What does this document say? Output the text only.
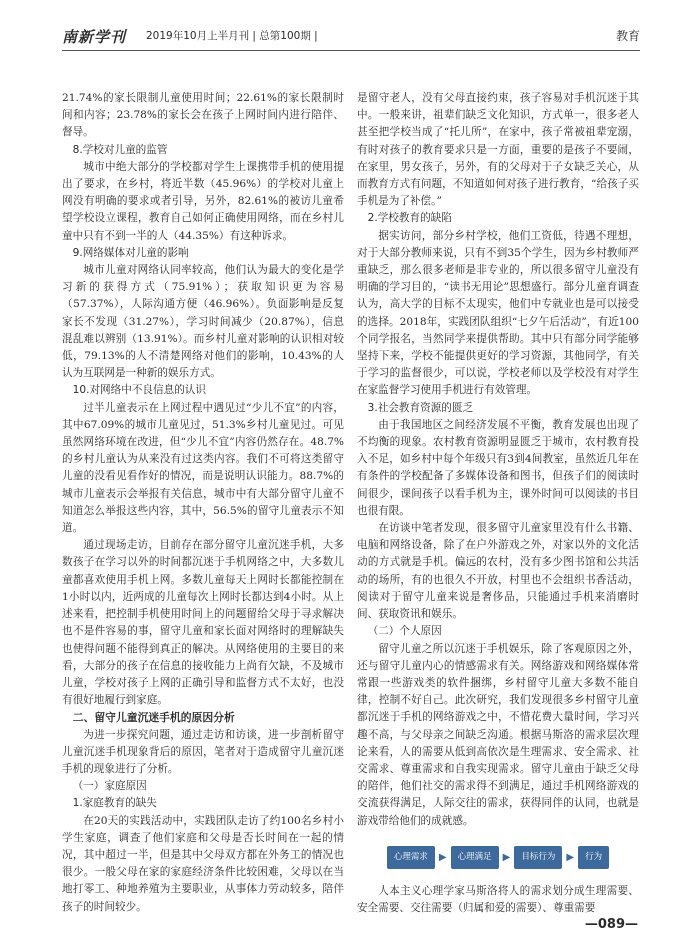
南新学刊 2019年10月上半月刊 | 总第100期 |	教育

21.74%的家长限制儿童使用时间；22.61%的家长限制时间和内容；23.78%的家长会在孩子上网时间内进行陪伴、督导。

8.学校对儿童的监管

城市中绝大部分的学校都对学生上课携带手机的使用提出了要求，在乡村，将近半数（45.96%）的学校对儿童上网没有明确的要求或者引导，另外，82.61%的被访儿童希望学校设立课程，教育自己如何正确使用网络，而在乡村儿童中只有不到一半的人（44.35%）有这种诉求。

9.网络媒体对儿童的影响

城市儿童对网络认同率较高，他们认为最大的变化是学习新的获得方式（75.91%）；获取知识更为容易（57.37%），人际沟通方便（46.96%）。负面影响是反复家长不发现（31.27%），学习时间减少（20.87%），信息混乱难以辨别（13.91%）。而乡村儿童对影响的认识相对较低，79.13%的人不清楚网络对他们的影响，10.43%的人认为互联网是一种新的娱乐方式。

10.对网络中不良信息的认识

过半儿童表示在上网过程中遇见过“少儿不宜”的内容，其中67.09%的城市儿童见过，51.3%乡村儿童见过。可见虽然网络环境在改进，但“少儿不宜”内容仍然存在。48.7%的乡村儿童认为从来没有过这类内容。我们不可将这类留守儿童的没看见看作好的情况，而是说明认识能力。88.7%的城市儿童表示会举报有关信息，城市中有大部分留守儿童不知道怎么举报这些内容，其中，56.5%的留守儿童表示不知道。

通过现场走访，目前存在部分留守儿童沉迷手机，大多数孩子在学习以外的时间都沉迷于手机网络之中，大多数儿童都喜欢使用手机上网。多数儿童每天上网时长都能控制在1小时以内，近两成的儿童每次上网时长都达到4小时。从上述来看，把控制手机使用时间上的问题留给父母于寻求解决也不是件容易的事，留守儿童和家长面对网络时的理解缺失也使得问题不能得到真正的解决。从网络使用的主要目的来看，大部分的孩子在信息的接收能力上尚有欠缺，不及城市儿童，学校对孩子上网的正确引导和监督方式不太好，也没有很好地履行到家庭。

二、留守儿童沉迷手机的原因分析

为进一步探究问题，通过走访和访谈，进一步剖析留守儿童沉迷手机现象背后的原因，笔者对于造成留守儿童沉迷手机的现象进行了分析。

（一）家庭原因
1.家庭教育的缺失

在20天的实践活动中，实践团队走访了约100名乡村小学生家庭，调查了他们家庭和父母是否长时间在一起的情况，其中超过一半，但是其中父母双方都在外务工的情况也很少。一般父母在家的家庭经济条件比较困难，父母以在当地打零工、种地养殖为主要职业，从事体力劳动较多，陪伴孩子的时间较少。

是留守老人，没有父母直接约束，孩子容易对手机沉迷于其中。一般来讲，祖辈们缺乏文化知识，方式单一，很多老人甚至把学校当成了“托儿所”，在家中，孩子常被祖辈宠溺，有时对孩子的教育要求只是一方面，重要的是孩子不要闹，在家里，男女孩子，另外，有的父母对于子女缺乏关心，从而教育方式有问题，不知道如何对孩子进行教育，“给孩子买手机是为了补偿。”

2.学校教育的缺陷

据实访问，部分乡村学校，他们工资低，待遇不理想，对于大部分教师来说，只有不到35个学生，因为乡村教师严重缺乏，那么很多老师是非专业的，所以很多留守儿童没有明确的学习目的，“读书无用论”思想盛行。部分儿童育调查认为，高大学的目标不太现实，他们中专就业也是可以接受的选择。2018年，实践团队组织“七夕午后活动”，有近100个同学报名，当然同学来提供帮助。其中只有部分同学能够坚持下来，学校不能提供更好的学习资源，其他同学，有关于学习的监督很少，可以说，学校老师以及学校没有对学生在家监督学习使用手机进行有效管理。

3.社会教育资源的匮乏

由于我国地区之间经济发展不平衡，教育发展也出现了不均衡的现象。农村教育资源明显匮乏于城市，农村教育投入不足，如乡村中每个年级只有3到4间教室，虽然近几年在有条件的学校配备了多媒体设备和图书，但孩子们的阅读时间很少，课间孩子以看手机为主，课外时间可以阅读的书目也很有限。

在访谈中笔者发现，很多留守儿童家里没有什么书籍、电脑和网络设备，除了在户外游戏之外，对家以外的文化活动的方式就是手机。偏远的农村，没有多少图书馆和公共活动的场所，有的也很久不开放，村里也不会组织书香活动，阅读对于留守儿童来说是奢侈品，只能通过手机来消磨时间、获取资讯和娱乐。

（二）个人原因

留守儿童之所以沉迷于手机娱乐，除了客观原因之外，还与留守儿童内心的情感需求有关。网络游戏和网络媒体常常跟一些游戏类的软件捆绑，乡村留守儿童大多数不能自律，控制不好自己。此次研究，我们发现很多乡村留守儿童都沉迷于手机的网络游戏之中，不惜花费大量时间，学习兴趣不高，与父母亲之间缺乏沟通。根据马斯洛的需求层次理论来看，人的需要从低到高依次是生理需求、安全需求、社交需求、尊重需求和自我实现需求。留守儿童由于缺乏父母的陪伴，他们社交的需求得不到满足，通过手机网络游戏的交流获得满足，人际交往的需求，获得同伴的认同，也就是游戏带给他们的成就感。

心理需求	▶	心理满足	▶	目标行为	▶	行为

人本主义心理学家马斯洛将人的需求划分成生理需要、安全需要、交往需要（归属和爱的需要）、尊重需要

—089—
